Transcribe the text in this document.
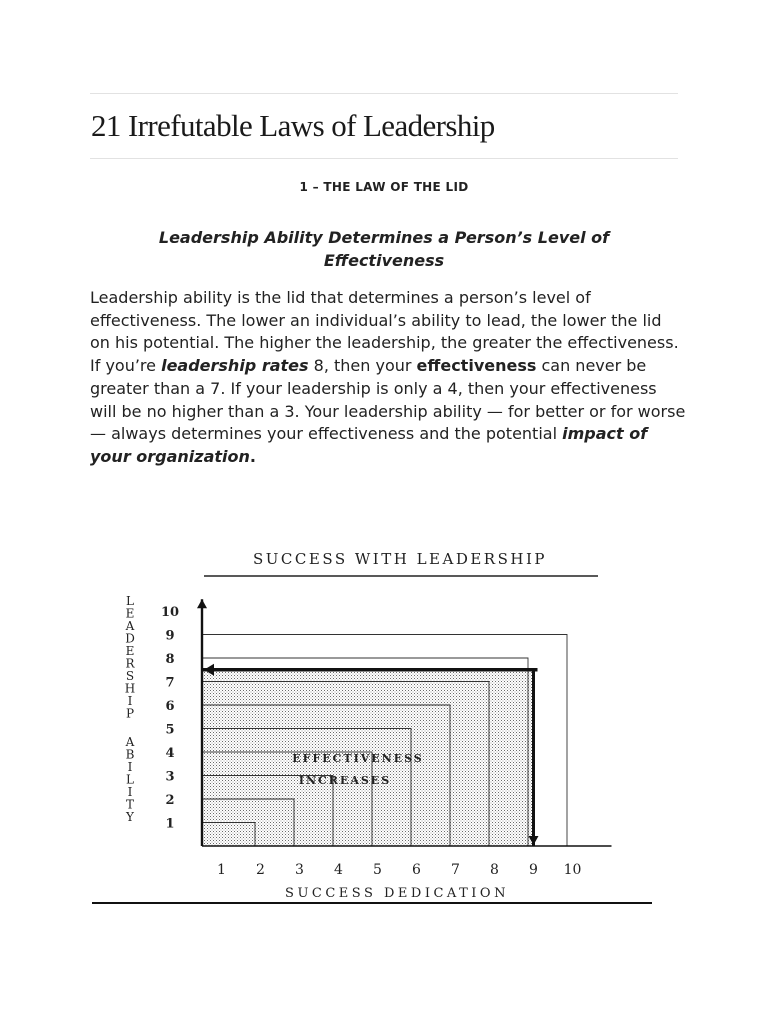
21 Irrefutable Laws of Leadership
1 – THE LAW OF THE LID
Leadership Ability Determines a Person’s Level of Effectiveness
Leadership ability is the lid that determines a person’s level of effectiveness. The lower an individual’s ability to lead, the lower the lid on his potential. The higher the leadership, the greater the effectiveness. If you’re leadership rates 8, then your effectiveness can never be greater than a 7. If your leadership is only a 4, then your effectiveness will be no higher than a 3. Your leadership ability — for better or for worse — always determines your effectiveness and the potential impact of your organization.
SUCCESS WITH LEADERSHIP
L E A D E R S H I P A B I L I T Y
SUCCESS DEDICATION
1
2
3
4
5
6
7
8
9
10
1 2 3 4 5 6 7 8 9 10
EFFECTIVENESS
INCREASES
